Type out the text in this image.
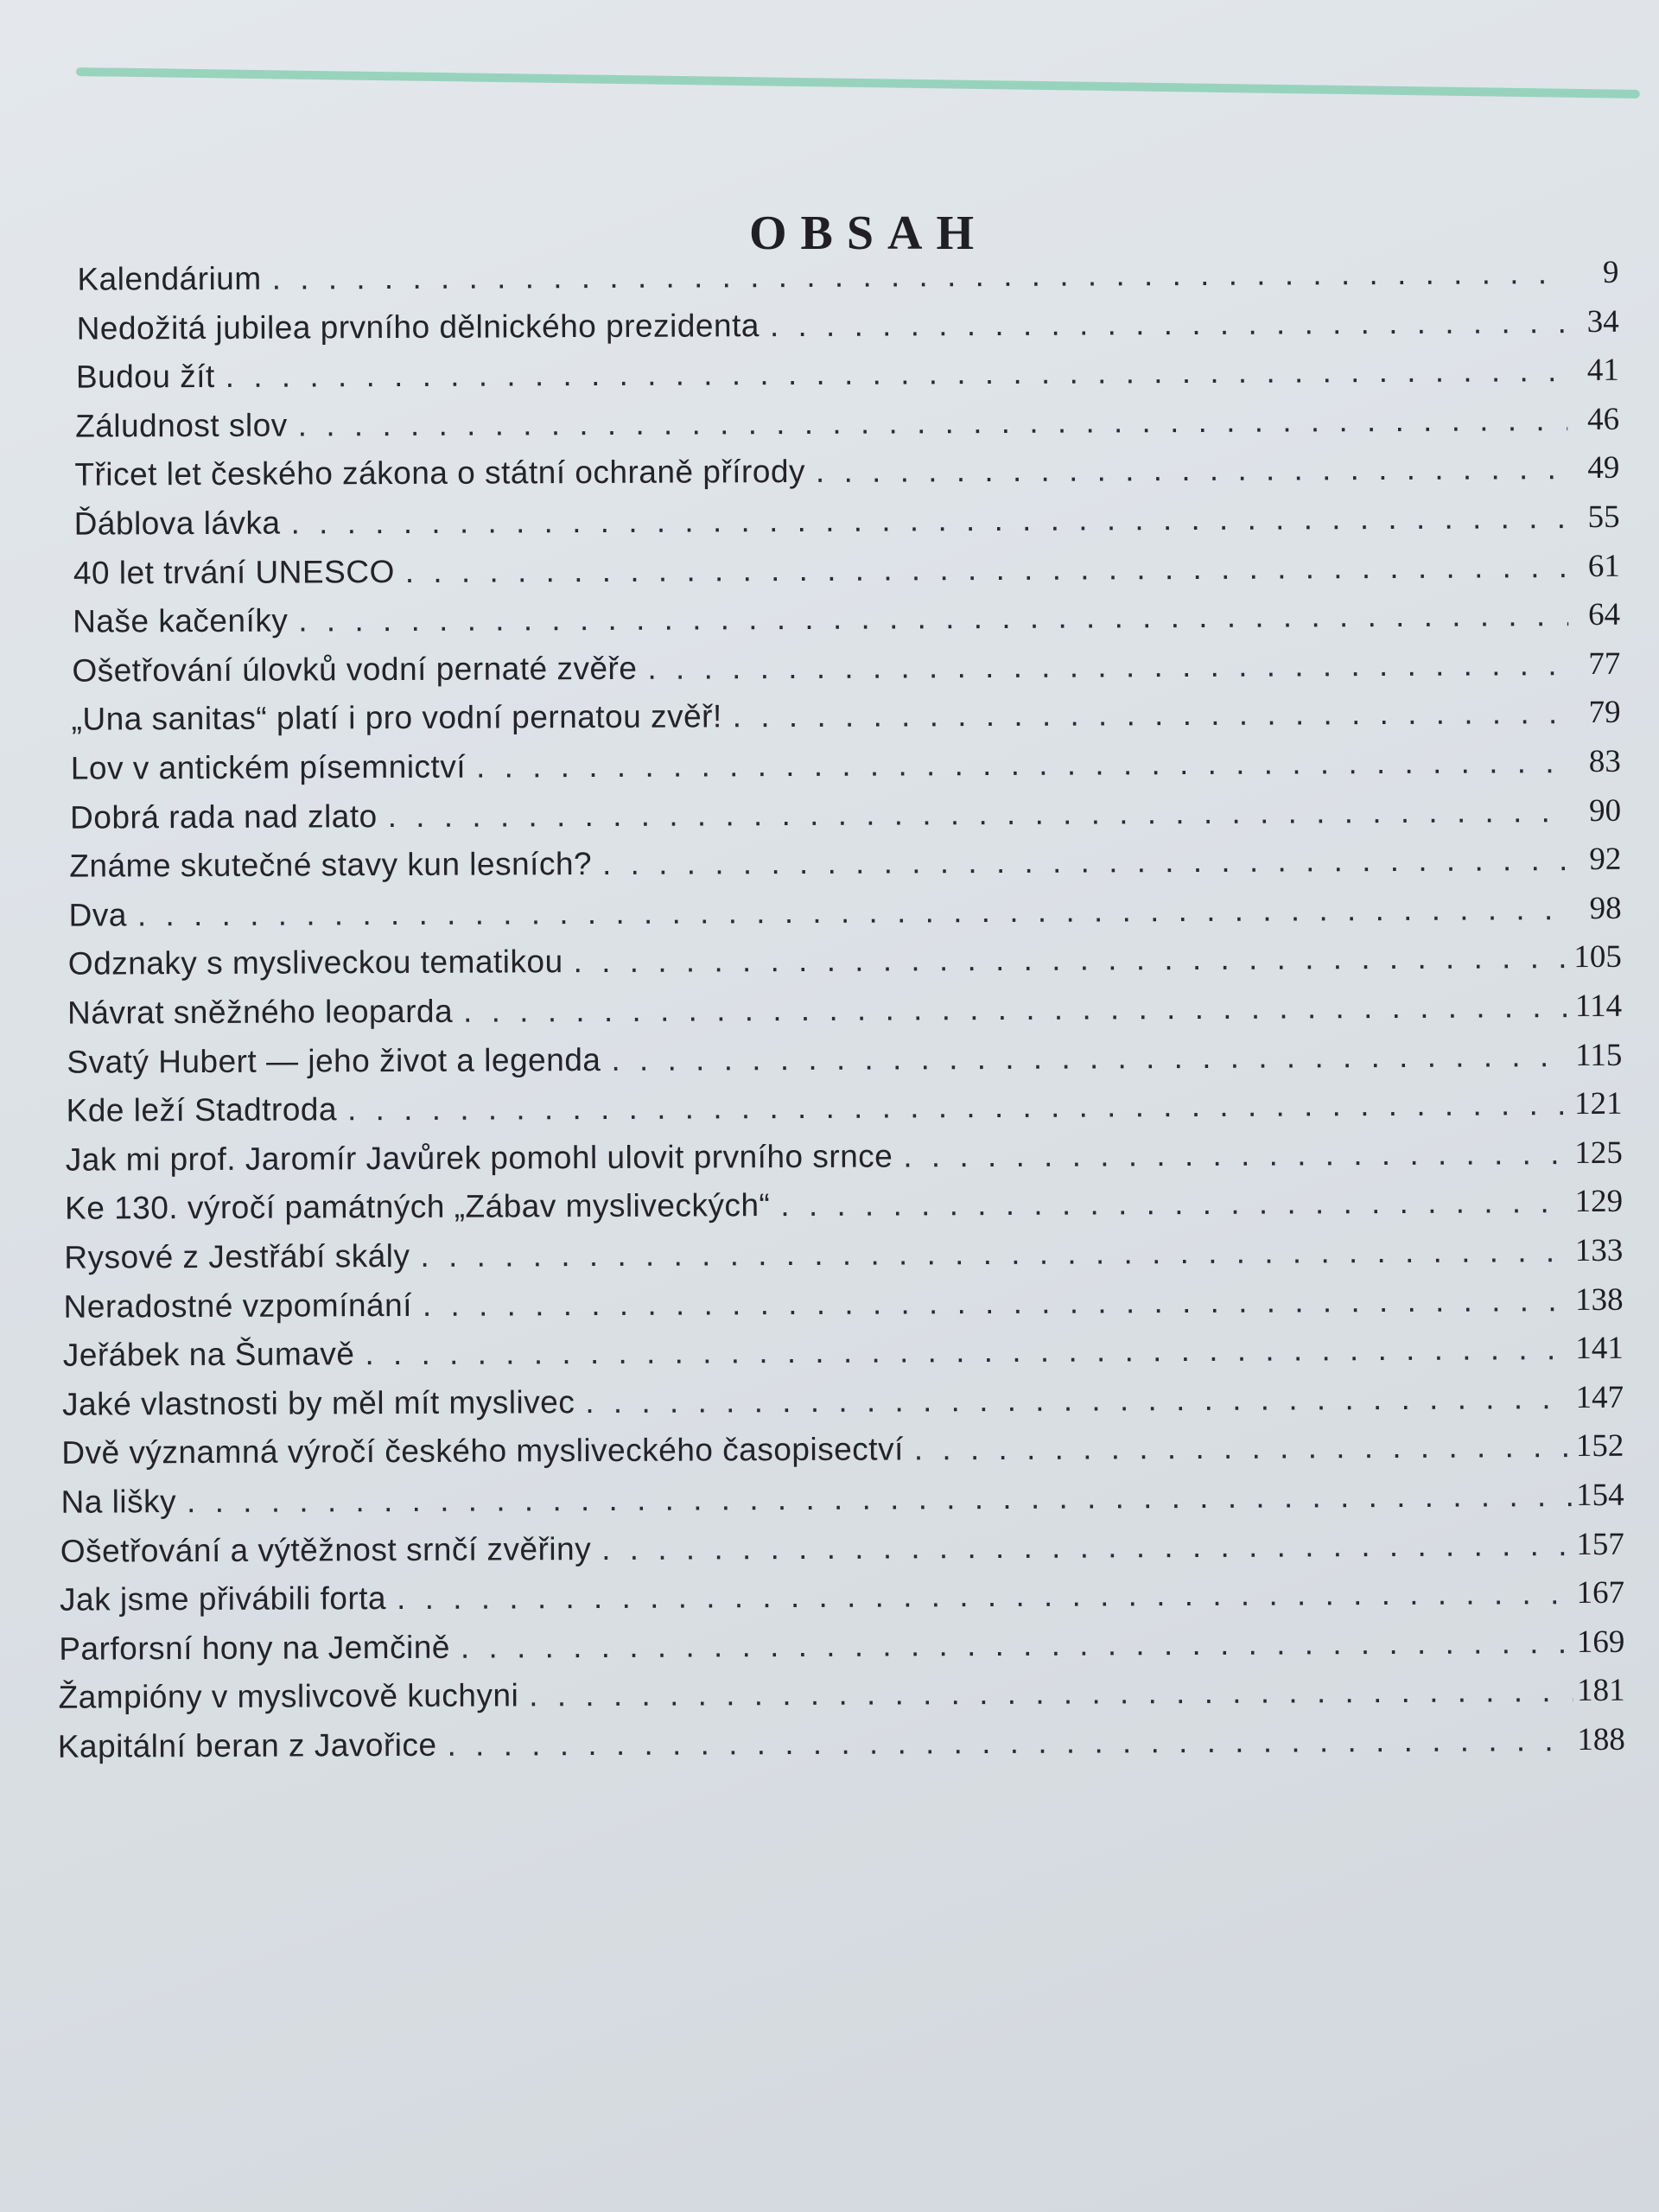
OBSAH
Kalendárium . . .	9
Nedožitá jubilea prvního dělnického prezidenta . . .	34
Budou žít . . .	41
Záludnost slov . . .	46
Třicet let českého zákona o státní ochraně přírody . . .	49
Ďáblova lávka . . .	55
40 let trvání UNESCO . . .	61
Naše kačeníky . . .	64
Ošetřování úlovků vodní pernaté zvěře . . .	77
„Una sanitas“ platí i pro vodní pernatou zvěř! . . .	79
Lov v antickém písemnictví . . .	83
Dobrá rada nad zlato . . .	90
Známe skutečné stavy kun lesních? . . .	92
Dva . . .	98
Odznaky s mysliveckou tematikou . . .	105
Návrat sněžného leoparda . . .	114
Svatý Hubert — jeho život a legenda . . .	115
Kde leží Stadtroda . . .	121
Jak mi prof. Jaromír Javůrek pomohl ulovit prvního srnce . . .	125
Ke 130. výročí památných „Zábav mysliveckých“ . . .	129
Rysové z Jestřábí skály . . .	133
Neradostné vzpomínání . . .	138
Jeřábek na Šumavě . . .	141
Jaké vlastnosti by měl mít myslivec . . .	147
Dvě významná výročí českého mysliveckého časopisectví . . .	152
Na lišky . . .	154
Ošetřování a výtěžnost srnčí zvěřiny . . .	157
Jak jsme přivábili forta . . .	167
Parforsní hony na Jemčině . . .	169
Žampióny v myslivcově kuchyni . . .	181
Kapitální beran z Javořice . . .	188
